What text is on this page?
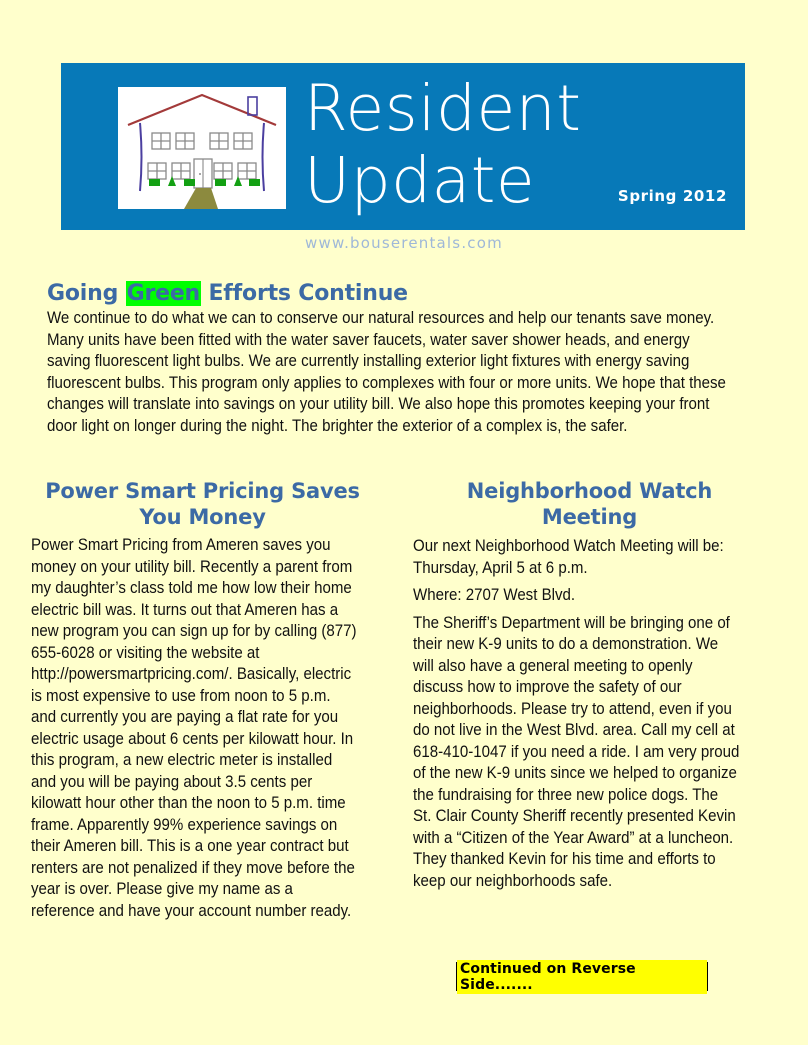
Resident
Update	Spring 2012
www.bouserentals.com
Going Green Efforts Continue

We continue to do what we can to conserve our natural resources and help our tenants save money. Many units have been fitted with the water saver faucets, water saver shower heads, and energy saving fluorescent light bulbs. We are currently installing exterior light fixtures with energy saving fluorescent bulbs. This program only applies to complexes with four or more units. We hope that these changes will translate into savings on your utility bill. We also hope this promotes keeping your front door light on longer during the night. The brighter the exterior of a complex is, the safer.

Power Smart Pricing Saves
You Money

Power Smart Pricing from Ameren saves you money on your utility bill. Recently a parent from my daughter’s class told me how low their home electric bill was. It turns out that Ameren has a new program you can sign up for by calling (877) 655-6028 or visiting the website at http://powersmartpricing.com/. Basically, electric is most expensive to use from noon to 5 p.m. and currently you are paying a flat rate for you electric usage about 6 cents per kilowatt hour. In this program, a new electric meter is installed and you will be paying about 3.5 cents per kilowatt hour other than the noon to 5 p.m. time frame. Apparently 99% experience savings on their Ameren bill. This is a one year contract but renters are not penalized if they move before the year is over. Please give my name as a reference and have your account number ready.

Neighborhood Watch
Meeting

Our next Neighborhood Watch Meeting will be: Thursday, April 5 at 6 p.m.

Where: 2707 West Blvd.

The Sheriff’s Department will be bringing one of their new K-9 units to do a demonstration. We will also have a general meeting to openly discuss how to improve the safety of our neighborhoods. Please try to attend, even if you do not live in the West Blvd. area. Call my cell at 618-410-1047 if you need a ride. I am very proud of the new K-9 units since we helped to organize the fundraising for three new police dogs. The St. Clair County Sheriff recently presented Kevin with a “Citizen of the Year Award” at a luncheon. They thanked Kevin for his time and efforts to keep our neighborhoods safe.

Continued on Reverse Side.......
